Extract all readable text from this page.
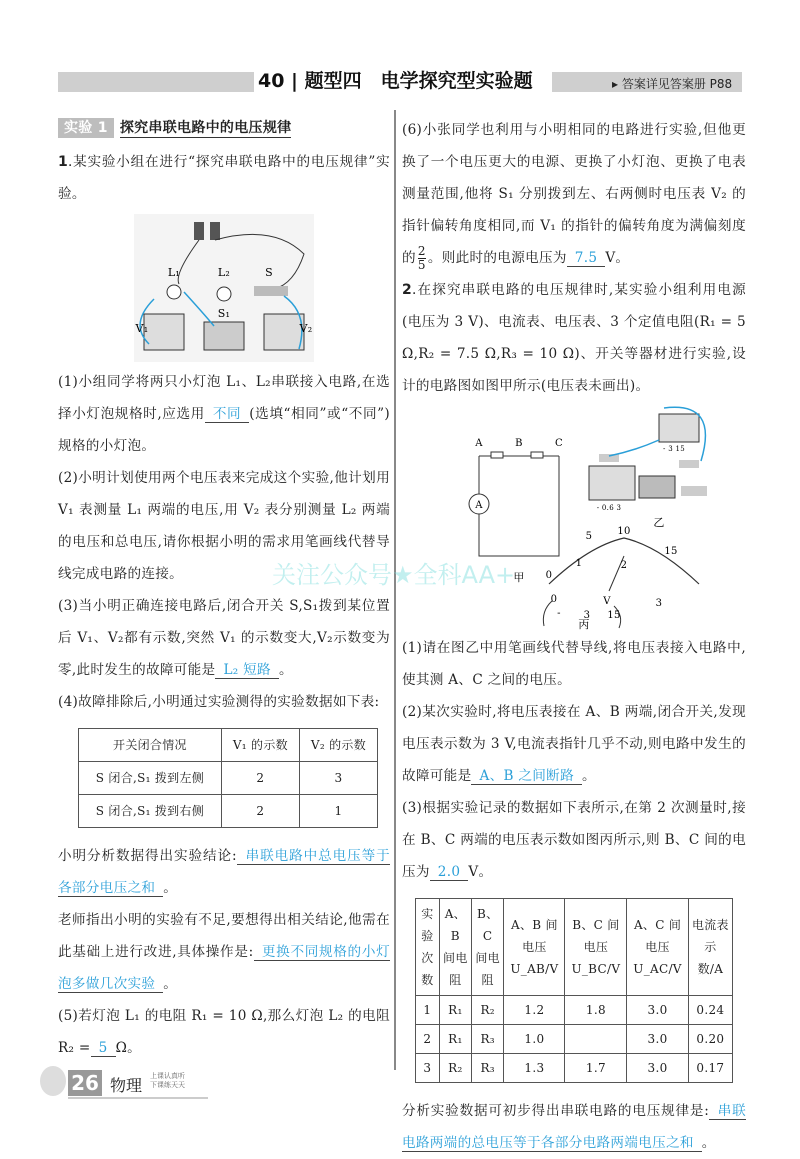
40 | 题型四　电学探究型实验题	▸ 答案详见答案册 P88
关注公众号★全科AA+
实验 1 探究串联电路中的电压规律

1.某实验小组在进行“探究串联电路中的电压规律”实验。

L₁	L₂	S
V₁
S₁
V₂

(1)小组同学将两只小灯泡 L₁、L₂串联接入电路,在选择小灯泡规格时,应选用 不同 (选填“相同”或“不同”)规格的小灯泡。

(2)小明计划使用两个电压表来完成这个实验,他计划用 V₁ 表测量 L₁ 两端的电压,用 V₂ 表分别测量 L₂ 两端的电压和总电压,请你根据小明的需求用笔画线代替导线完成电路的连接。

(3)当小明正确连接电路后,闭合开关 S,S₁拨到某位置后 V₁、V₂都有示数,突然 V₁ 的示数变大,V₂示数变为零,此时发生的故障可能是 L₂ 短路 。

(4)故障排除后,小明通过实验测得的实验数据如下表:

开关闭合情况	V₁ 的示数	V₂ 的示数
S 闭合,S₁ 拨到左侧	2	3
S 闭合,S₁ 拨到右侧	2	1

小明分析数据得出实验结论: 串联电路中总电压等于各部分电压之和 。

老师指出小明的实验有不足,要想得出相关结论,他需在此基础上进行改进,具体操作是: 更换不同规格的小灯泡多做几次实验 。

(5)若灯泡 L₁ 的电阻 R₁ = 10 Ω,那么灯泡 L₂ 的电阻 R₂ = 5 Ω。

(6)小张同学也利用与小明相同的电路进行实验,但他更换了一个电压更大的电源、更换了小灯泡、更换了电表测量范围,他将 S₁ 分别拨到左、右两侧时电压表 V₂ 的指针偏转角度相同,而 V₁ 的指针的偏转角度为满偏刻度的 $\frac{2}{5}$ 。则此时的电源电压为 7.5 V。

2.在探究串联电路的电压规律时,某实验小组利用电源(电压为 3 V)、电流表、电压表、3 个定值电阻(R₁ = 5 Ω,R₂ = 7.5 Ω,R₃ = 10 Ω)、开关等器材进行实验,设计的电路图如图甲所示(电压表未画出)。

A	B	C
A
甲
乙
丙
0
5	10
15
0
1	2
3
V
- 3 15
- 3 15
- 0.6 3

(1)请在图乙中用笔画线代替导线,将电压表接入电路中,使其测 A、C 之间的电压。

(2)某次实验时,将电压表接在 A、B 两端,闭合开关,发现电压表示数为 3 V,电流表指针几乎不动,则电路中发生的故障可能是 A、B 之间断路 。

(3)根据实验记录的数据如下表所示,在第 2 次测量时,接在 B、C 两端的电压表示数如图丙所示,则 B、C 间的电压为 2.0 V。

实验次数	A、B 间电阻	B、C 间电阻	A、B 间电压 U_AB/V	B、C 间电压 U_BC/V	A、C 间电压 U_AC/V	电流表示数/A
1	R₁	R₂	1.2	1.8	3.0	0.24
2	R₁	R₃	1.0		3.0	0.20
3	R₂	R₃	1.3	1.7	3.0	0.17

分析实验数据可初步得出串联电路的电压规律是: 串联电路两端的总电压等于各部分电路两端电压之和 。

26 物理 上课认真听 下课练天天
